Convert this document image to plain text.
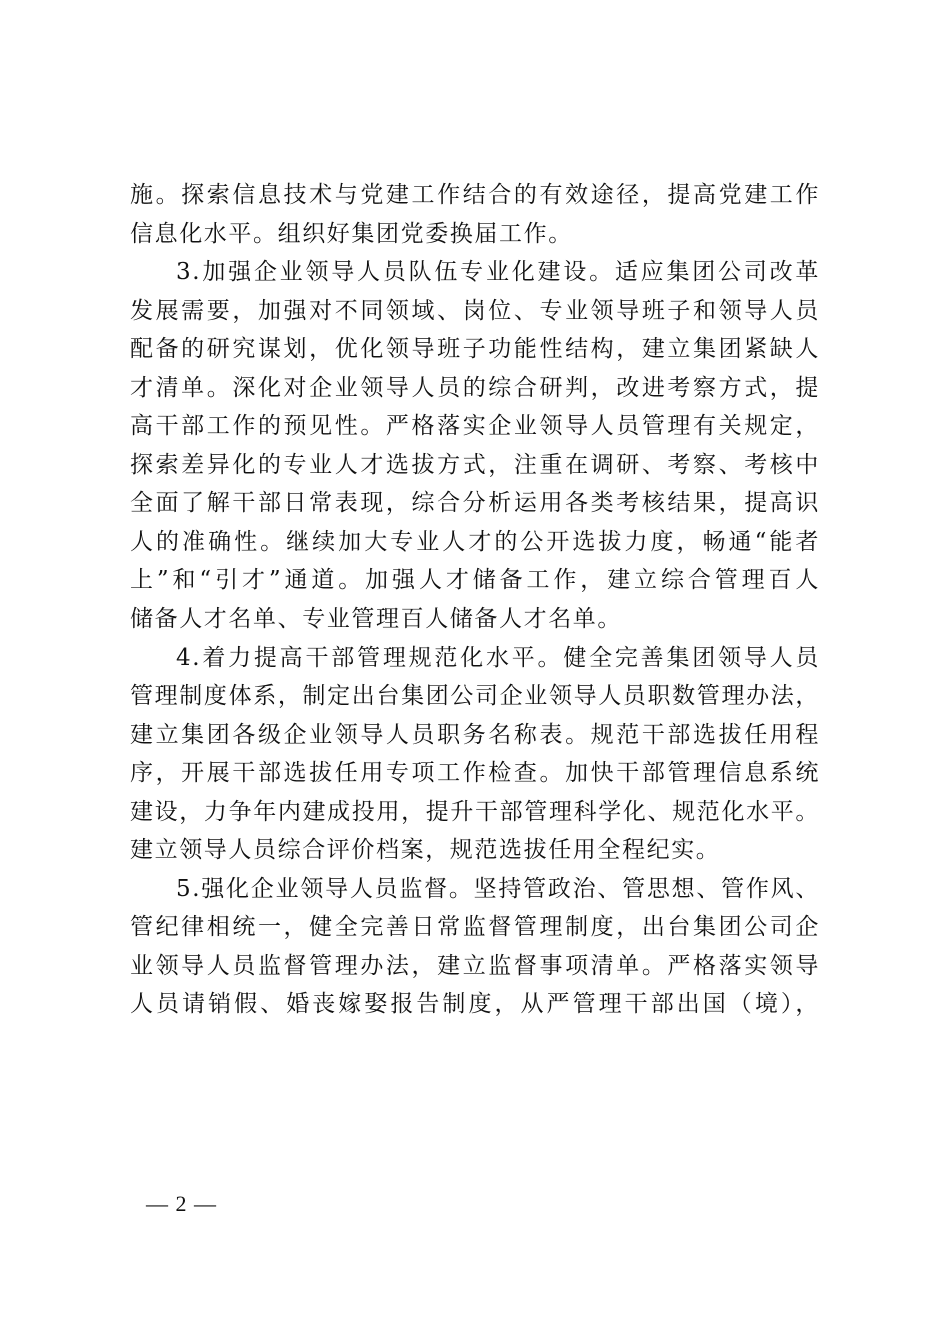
施。探索信息技术与党建工作结合的有效途径，提高党建工作
信息化水平。组织好集团党委换届工作。

3.加强企业领导人员队伍专业化建设。适应集团公司改革
发展需要，加强对不同领域、岗位、专业领导班子和领导人员
配备的研究谋划，优化领导班子功能性结构，建立集团紧缺人
才清单。深化对企业领导人员的综合研判，改进考察方式，提
高干部工作的预见性。严格落实企业领导人员管理有关规定，
探索差异化的专业人才选拔方式，注重在调研、考察、考核中
全面了解干部日常表现，综合分析运用各类考核结果，提高识
人的准确性。继续加大专业人才的公开选拔力度，畅通“能者
上”和“引才”通道。加强人才储备工作，建立综合管理百人
储备人才名单、专业管理百人储备人才名单。

4.着力提高干部管理规范化水平。健全完善集团领导人员
管理制度体系，制定出台集团公司企业领导人员职数管理办法，
建立集团各级企业领导人员职务名称表。规范干部选拔任用程
序，开展干部选拔任用专项工作检查。加快干部管理信息系统
建设，力争年内建成投用，提升干部管理科学化、规范化水平。
建立领导人员综合评价档案，规范选拔任用全程纪实。

5.强化企业领导人员监督。坚持管政治、管思想、管作风、
管纪律相统一，健全完善日常监督管理制度，出台集团公司企
业领导人员监督管理办法，建立监督事项清单。严格落实领导
人员请销假、婚丧嫁娶报告制度，从严管理干部出国（境），

— 2 —
